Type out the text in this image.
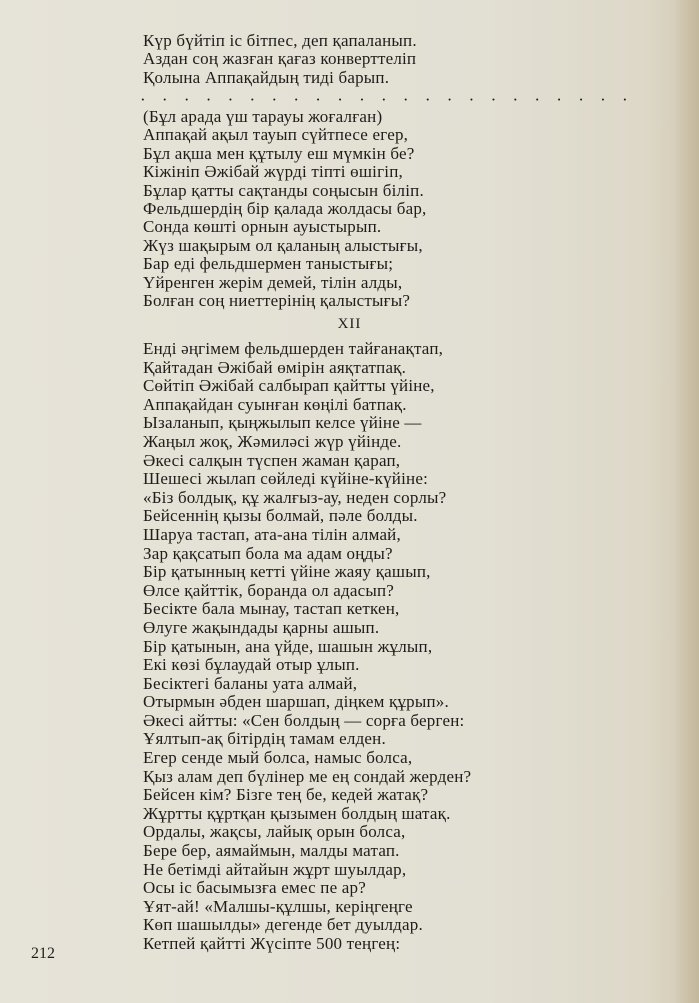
Күр бүйтіп іс бітпес, деп қапаланып.
Аздан соң жазған қағаз конверттеліп
Қолына Аппақайдың тиді барып.
· · · · · · · · · · · · · · · · · · · · · · ·
(Бұл арада үш тарауы жоғалған)
Аппақай ақыл тауып сүйтпесе егер,
Бұл ақша мен құтылу еш мүмкін бе?
Кіжініп Әжібай жүрді тіпті өшігіп,
Бұлар қатты сақтанды соңысын біліп.
Фельдшердің бір қалада жолдасы бар,
Сонда көшті орнын ауыстырып.
Жүз шақырым ол қаланың алыстығы,
Бар еді фельдшермен таныстығы;
Үйренген жерім демей, тілін алды,
Болған соң ниеттерінің қалыстығы?
XII
Енді әңгімем фельдшерден тайғанақтап,
Қайтадан Әжібай өмірін аяқтатпақ.
Сөйтіп Әжібай салбырап қайтты үйіне,
Аппақайдан суынған көңілі батпақ.
Ызаланып, қыңжылып келсе үйіне —
Жаңыл жоқ, Жәмиләсі жүр үйінде.
Әкесі салқын түспен жаман қарап,
Шешесі жылап сөйледі күйіне-күйіне:
«Біз болдық, құ жалғыз-ау, неден сорлы?
Бейсеннің қызы болмай, пәле болды.
Шаруа тастап, ата-ана тілін алмай,
Зар қақсатып бола ма адам оңды?
Бір қатынның кетті үйіне жаяу қашып,
Өлсе қайттік, боранда ол адасып?
Бесікте бала мынау, тастап кеткен,
Өлуге жақындады қарны ашып.
Бір қатынын, ана үйде, шашын жұлып,
Екі көзі бұлаудай отыр ұлып.
Бесіктегі баланы уата алмай,
Отырмын әбден шаршап, діңкем құрып».
Әкесі айтты: «Сен болдың — сорға берген:
Ұялтып-ақ бітірдің тамам елден.
Егер сенде мый болса, намыс болса,
Қыз алам деп бүлінер ме ең сондай жерден?
Бейсен кім? Бізге тең бе, кедей жатақ?
Жұртты құртқан қызымен болдың шатақ.
Ордалы, жақсы, лайық орын болса,
Бере бер, аямаймын, малды матап.
Не бетімді айтайын жұрт шуылдар,
Осы іс басымызға емес пе ар?
Ұят-ай! «Малшы-құлшы, керіңгеңге
Көп шашылды» дегенде бет дуылдар.
Кетпей қайтті Жүсіпте 500 теңгең:
212
